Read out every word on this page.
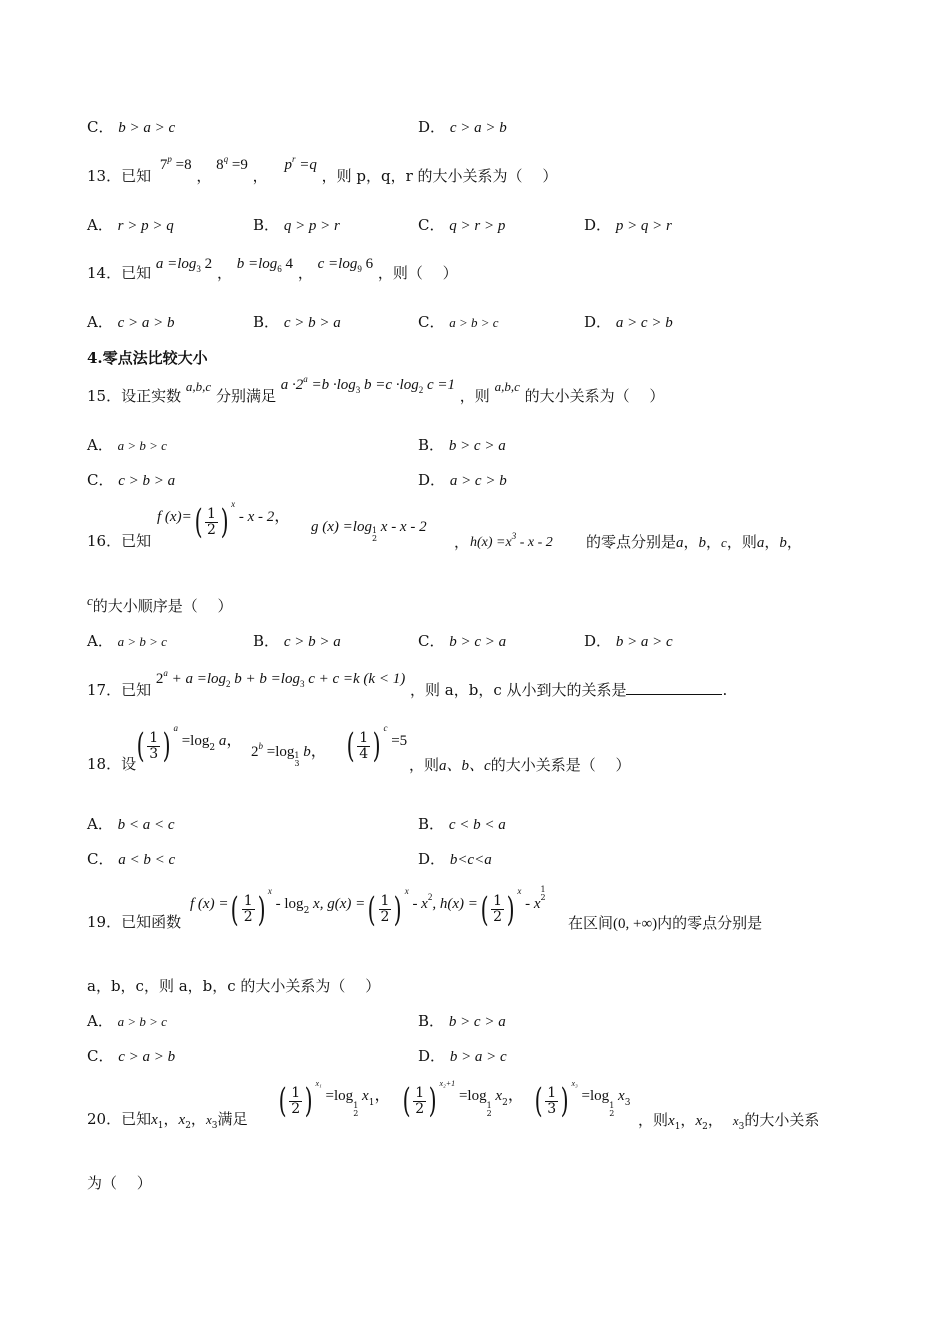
C． b > a > c	D． c > a > b
13．已知 $7^p =8$ ， $8^q =9$ ， $p^r =q$ ，则 p，q，r 的大小关系为（　 ）
A． r > p > q	B． q > p > r	C． q > r > p	D． p > q > r
14．已知 $a =\log_3$ 2 ， $b =\log_6$ 4 ， $c =\log_9$ 6 ，则（　 ）
A． c > a > b	B． c > b > a	C． a > b > c	D． a > c > b
4.零点法比较大小
15．设正实数 a,b,c 分别满足 $a \cdot 2^a =b \cdot\log_3$ $b =c \cdot\log_2$ c =1 ，则 a,b,c 的大小关系为（　 ）
A． a > b > c	B． b > c > a
C． c > b > a	D． a > c > b
16．已知
f $(x)=( \frac{1}{2}$ ) $^x$ - x - 2，
g (x) =log 1
2
x - x - 2
， $h(x) =x^3 - x - 2$ 的零点分别是a，b，c，则a，b，
c的大小顺序是（　 ）
A． a > b > c	B． c > b > a	C． b > c > a	D． b > a > c
17．已知 $2^a + a =\log_2$ $b + b =\log_3$ c + c =k (k < 1) ，则 a，b，c 从小到大的关系是	.
18．设 ( $\frac{1}{3}$ ) $^a$ =log2 a，
$2^b =\log$ 1
3
b， ( $\frac{1}{4}$ ) $^c$ =5
，则a、b、c的大小关系是（　 ）
A． b < a < c	B． c < b < a
C． a < b < c	D． b<c<a
19．已知函数
f (x) =( $\frac{1}{2}$ ) $^x$ - log2 x, g(x) =( $\frac{1}{2}$ ) $^x - x^2$, h(x) =( $\frac{1}{2}$ ) $^x$ - x
1
2
在区间(0, +∞)内的零点分别是
a，b，c，则 a，b，c 的大小关系为（　 ）
A． a > b > c	B． b > c > a
C． c > a > b	D． b > a > c
20．已知$x_1$，$x_2$，$x_3$满足 ( $\frac{1}{2}$ ) $^{x_1}$ =log
1
2
x1， ( $\frac{1}{2}$ ) $^{x_2+1}$ =log
1
2
x2， ( $\frac{1}{3}$ ) $^{x_3}$ =log
1
2
x3
，则$x_1$，$x_2$， $x_3$的大小关系
为（　 ）
